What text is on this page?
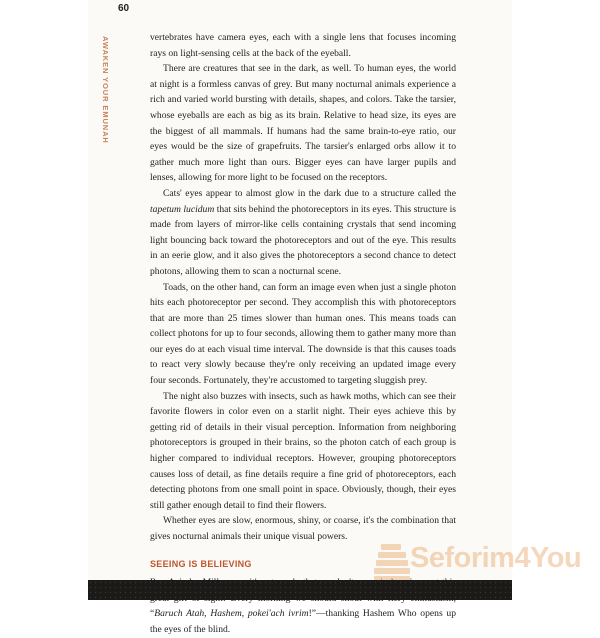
60
AWAKEN YOUR EMUNAH	vertebrates have camera eyes, each with a single lens that focuses incoming rays on light-sensing cells at the back of the eyeball.

There are creatures that see in the dark, as well. To human eyes, the world at night is a formless canvas of grey. But many nocturnal animals experience a rich and varied world bursting with details, shapes, and colors. Take the tarsier, whose eyeballs are each as big as its brain. Relative to head size, its eyes are the biggest of all mammals. If humans had the same brain-to-eye ratio, our eyes would be the size of grapefruits. The tarsier's enlarged orbs allow it to gather much more light than ours. Bigger eyes can have larger pupils and lenses, allowing for more light to be focused on the receptors.

Cats' eyes appear to almost glow in the dark due to a structure called the tapetum lucidum that sits behind the photoreceptors in its eyes. This structure is made from layers of mirror-like cells containing crystals that send incoming light bouncing back toward the photoreceptors and out of the eye. This results in an eerie glow, and it also gives the photoreceptors a second chance to detect photons, allowing them to scan a nocturnal scene.

Toads, on the other hand, can form an image even when just a single photon hits each photoreceptor per second. They accomplish this with photoreceptors that are more than 25 times slower than human ones. This means toads can collect photons for up to four seconds, allowing them to gather many more than our eyes do at each visual time interval. The downside is that this causes toads to react very slowly because they're only receiving an updated image every four seconds. Fortunately, they're accustomed to targeting sluggish prey.

The night also buzzes with insects, such as hawk moths, which can see their favorite flowers in color even on a starlit night. Their eyes achieve this by getting rid of details in their visual perception. Information from neighboring photoreceptors is grouped in their brains, so the photon catch of each group is higher compared to individual receptors. However, grouping photoreceptors causes loss of detail, as fine details require a fine grid of photoreceptors, each detecting photons from one small point in space. Obviously, though, their eyes still gather enough detail to find their flowers.

Whether eyes are slow, enormous, shiny, or coarse, it's the combination that gives nocturnal animals their unique visual powers.

SEEING IS BELIEVING

“Baruch Atah, Hashem, pokei'ach ivrim!”—thanking Hashem Who opens up the eyes of the blind.

Seforim4You
